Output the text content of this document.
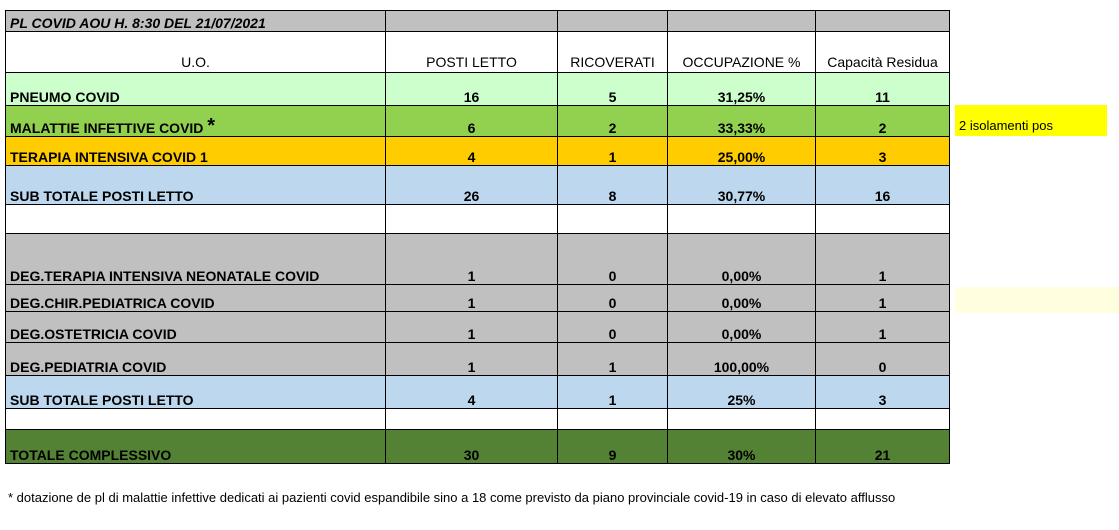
PL COVID AOU H. 8:30 DEL 21/07/2021				
U.O.	POSTI LETTO	RICOVERATI	OCCUPAZIONE %	Capacità Residua
PNEUMO COVID	16	5	31,25%	11
MALATTIE INFETTIVE COVID *	6	2	33,33%	2
TERAPIA INTENSIVA COVID 1	4	1	25,00%	3
SUB TOTALE POSTI LETTO	26	8	30,77%	16

DEG.TERAPIA INTENSIVA NEONATALE COVID	1	0	0,00%	1
DEG.CHIR.PEDIATRICA COVID	1	0	0,00%	1
DEG.OSTETRICIA COVID	1	0	0,00%	1
DEG.PEDIATRIA COVID	1	1	100,00%	0
SUB TOTALE POSTI LETTO	4	1	25%	3

TOTALE COMPLESSIVO	30	9	30%	21
2 isolamenti pos
* dotazione de pl di malattie infettive dedicati ai pazienti covid espandibile sino a 18 come previsto da piano provinciale covid-19 in caso di elevato afflusso
